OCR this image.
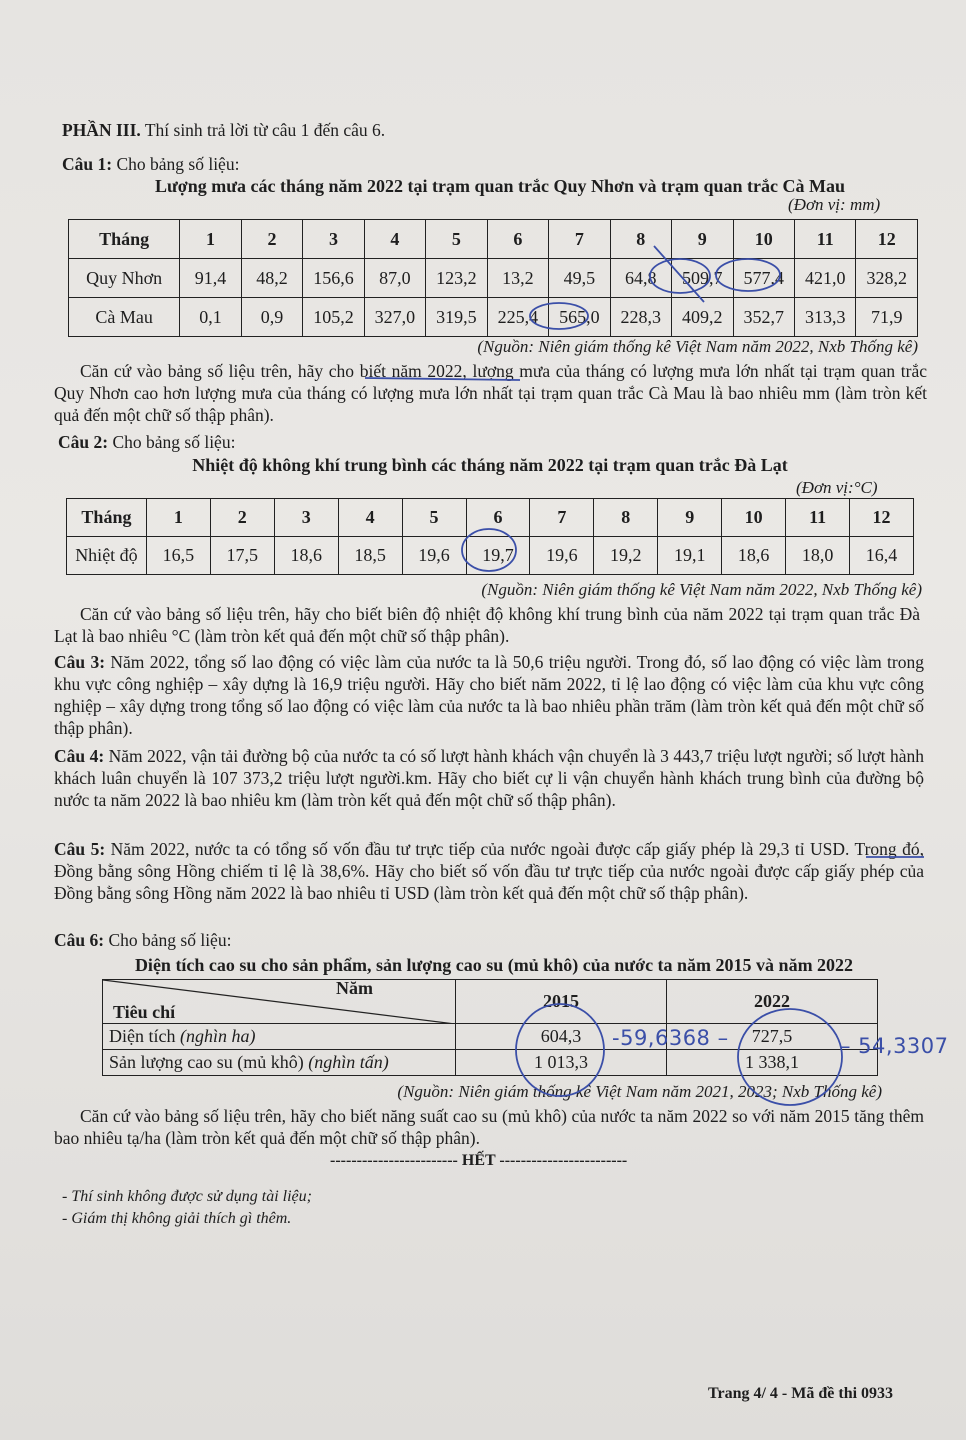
PHẦN III. Thí sinh trả lời từ câu 1 đến câu 6.
Câu 1: Cho bảng số liệu:
Lượng mưa các tháng năm 2022 tại trạm quan trắc Quy Nhơn và trạm quan trắc Cà Mau
(Đơn vị: mm)
Tháng	1	2	3	4	5	6	7	8	9	10	11	12
Quy Nhơn	91,4	48,2	156,6	87,0	123,2	13,2	49,5	64,8	509,7	577,4	421,0	328,2
Cà Mau	0,1	0,9	105,2	327,0	319,5	225,4	565,0	228,3	409,2	352,7	313,3	71,9
(Nguồn: Niên giám thống kê Việt Nam năm 2022, Nxb Thống kê)
Căn cứ vào bảng số liệu trên, hãy cho biết năm 2022, lượng mưa của tháng có lượng mưa lớn nhất tại trạm quan trắc Quy Nhơn cao hơn lượng mưa của tháng có lượng mưa lớn nhất tại trạm quan trắc Cà Mau là bao nhiêu mm (làm tròn kết quả đến một chữ số thập phân).
Câu 2: Cho bảng số liệu:
Nhiệt độ không khí trung bình các tháng năm 2022 tại trạm quan trắc Đà Lạt
(Đơn vị:°C)
Tháng	1	2	3	4	5	6	7	8	9	10	11	12
Nhiệt độ	16,5	17,5	18,6	18,5	19,6	19,7	19,6	19,2	19,1	18,6	18,0	16,4
(Nguồn: Niên giám thống kê Việt Nam năm 2022, Nxb Thống kê)
Căn cứ vào bảng số liệu trên, hãy cho biết biên độ nhiệt độ không khí trung bình của năm 2022 tại trạm quan trắc Đà Lạt là bao nhiêu °C (làm tròn kết quả đến một chữ số thập phân).
Câu 3: Năm 2022, tổng số lao động có việc làm của nước ta là 50,6 triệu người. Trong đó, số lao động có việc làm trong khu vực công nghiệp – xây dựng là 16,9 triệu người. Hãy cho biết năm 2022, tỉ lệ lao động có việc làm của khu vực công nghiệp – xây dựng trong tổng số lao động có việc làm của nước ta là bao nhiêu phần trăm (làm tròn kết quả đến một chữ số thập phân).
Câu 4: Năm 2022, vận tải đường bộ của nước ta có số lượt hành khách vận chuyển là 3 443,7 triệu lượt người; số lượt hành khách luân chuyển là 107 373,2 triệu lượt người.km. Hãy cho biết cự li vận chuyển hành khách trung bình của đường bộ nước ta năm 2022 là bao nhiêu km (làm tròn kết quả đến một chữ số thập phân).
Câu 5: Năm 2022, nước ta có tổng số vốn đầu tư trực tiếp của nước ngoài được cấp giấy phép là 29,3 tỉ USD. Trong đó, Đồng bằng sông Hồng chiếm tỉ lệ là 38,6%. Hãy cho biết số vốn đầu tư trực tiếp của nước ngoài được cấp giấy phép của Đồng bằng sông Hồng năm 2022 là bao nhiêu tỉ USD (làm tròn kết quả đến một chữ số thập phân).
Câu 6: Cho bảng số liệu:
Diện tích cao su cho sản phẩm, sản lượng cao su (mủ khô) của nước ta năm 2015 và năm 2022
Năm
Tiêu chí	2015	2022
Diện tích (nghìn ha)	604,3	727,5
Sản lượng cao su (mủ khô) (nghìn tấn)	1 013,3	1 338,1
(Nguồn: Niên giám thống kê Việt Nam năm 2021, 2023; Nxb Thống kê)
Căn cứ vào bảng số liệu trên, hãy cho biết năng suất cao su (mủ khô) của nước ta năm 2022 so với năm 2015 tăng thêm bao nhiêu tạ/ha (làm tròn kết quả đến một chữ số thập phân).
------------------------ HẾT ------------------------
- Thí sinh không được sử dụng tài liệu;
- Giám thị không giải thích gì thêm.
Trang 4/ 4 - Mã đề thi 0933
-59,6368 –	– 54,3307
